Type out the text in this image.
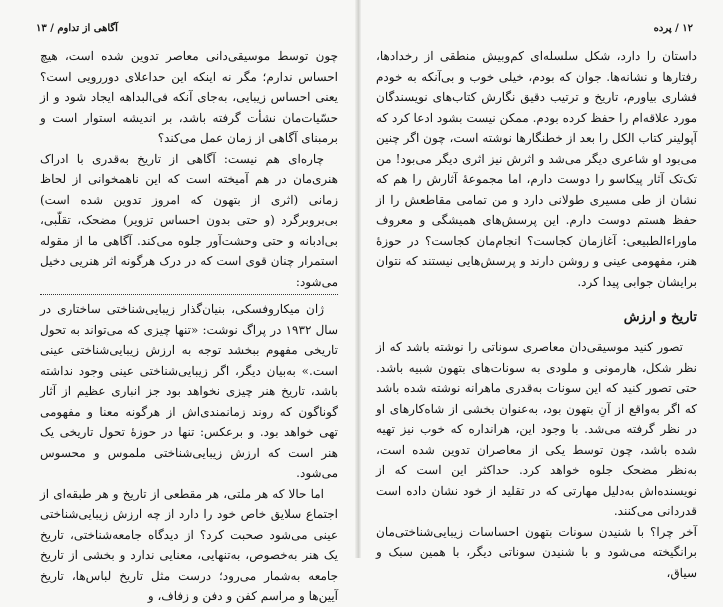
آگاهی از تداوم / ۱۳

چون توسط موسیقی‌دانی معاصر تدوین شده است، هیچ احساس ندارم؛ مگر نه اینکه این حدا‌علای دوررویی است؟ یعنی احساس زیبایی، به‌جای آنکه فی‌البداهه ایجاد شود و از حسّیات‌مان نشأت گرفته باشد، بر اندیشه استوار است و برمبنای آگاهی از زمان عمل می‌کند؟

چاره‌ای هم نیست: آگاهی از تاریخ به‌قدری با ادراک هنری‌مان در هم آمیخته است که این ناهمخوانی از لحاظ زمانی (اثری از بتهون که امروز تدوین شده است) بی‌بروبرگرد (و حتی بدون احساس تزویر) مضحک، تقلّبی، بی‌ادبانه و حتی وحشت‌آور جلوه می‌کند. آگاهی ما از مقوله استمرار چنان قوی است که در درک هرگونه اثر هنریی دخیل می‌شود:

ژان میکاروفسکی، بنیان‌گذار زیبایی‌شناختی ساختاری در سال ۱۹۳۲ در پراگ نوشت: «تنها چیزی که می‌تواند به تحول تاریخی مفهوم ببخشد توجه به ارزش زیبایی‌شناختی عینی است.» به‌بیان دیگر، اگر زیبایی‌شناختی عینی وجود نداشته باشد، تاریخ هنر چیزی نخواهد بود جز انباری عظیم از آثار گوناگون که روند زمانمندی‌اش از هرگونه معنا و مفهومی تهی خواهد بود. و برعکس: تنها در حوزهٔ تحول تاریخی یک هنر است که ارزش زیبایی‌شناختی ملموس و محسوس می‌شود.

اما حالا که هر ملتی، هر مقطعی از تاریخ و هر طبقه‌ای از اجتماع سلایق خاص خود را دارد از چه ارزش زیبایی‌شناختی عینی می‌شود صحبت کرد؟ از دیدگاه جامعه‌شناختی، تاریخ یک هنر به‌خصوص، به‌تنهایی، معنایی ندارد و بخشی از تاریخ جامعه به‌شمار می‌رود؛ درست مثل تاریخ لباس‌ها، تاریخ آیین‌ها و مراسم کفن و دفن و زفاف، و

۱۲ / پرده

داستان را دارد، شکل سلسله‌ای کم‌وبیش منطقی از رخدادها، رفتارها و نشانه‌ها. جوان که بودم، خیلی خوب و بی‌آنکه به خودم فشاری بیاورم، تاریخ و ترتیب دقیق نگارش کتاب‌های نویسندگان مورد علاقه‌ام را حفظ کرده بودم. ممکن نیست بشود ادعا کرد که آپولینر کتاب الکل را بعد از خطنگارها نوشته است، چون اگر چنین می‌بود او شاعری دیگر می‌شد و اثرش نیز اثری دیگر می‌بود! من تک‌تک آثار پیکاسو را دوست دارم، اما مجموعهٔ آثارش را هم که نشان از طی مسیری طولانی دارد و من تمامی مقاطعش را از حفظ هستم دوست دارم. این پرسش‌های همیشگی و معروف ماوراءالطبیعی: آغازمان کجاست؟ انجام‌مان کجاست؟ در حوزهٔ هنر، مفهومی عینی و روشن دارند و پرسش‌هایی نیستند که نتوان برایشان جوابی پیدا کرد.

تاریخ و ارزش

تصور کنید موسیقی‌دان معاصری سوناتی را نوشته باشد که از نظر شکل، هارمونی و ملودی به سونات‌های بتهون شبیه باشد. حتی تصور کنید که این سونات به‌قدری ماهرانه نوشته شده باشد که اگر به‌واقع از آنِ بتهون بود، به‌عنوان بخشی از شاه‌کارهای او در نظر گرفته می‌شد. با وجود این، هرانداره که خوب نیز تهیه شده باشد، چون توسط یکی از معاصران تدوین شده است، به‌نظر مضحک جلوه خواهد کرد. حداکثر این است که از نویسنده‌اش به‌دلیل مهارتی که در تقلید از خود نشان داده است قدردانی می‌کنند.

آخر چرا؟ با شنیدن سونات بتهون احساسات زیبایی‌شناختی‌مان برانگیخته می‌شود و با شنیدن سوناتی دیگر، با همین سبک و سیاق،
